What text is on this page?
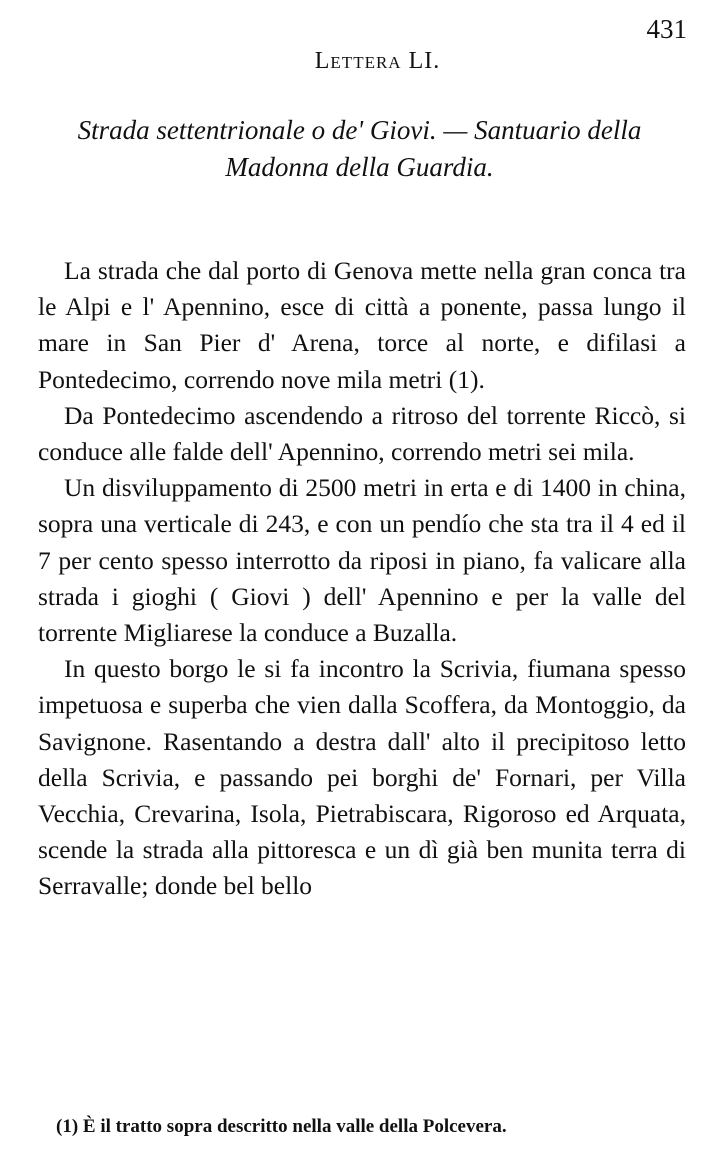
431
Lettera LI.
Strada settentrionale o de' Giovi. — Santuario della Madonna della Guardia.

La strada che dal porto di Genova mette nella gran conca tra le Alpi e l' Apennino, esce di città a ponente, passa lungo il mare in San Pier d' Arena, torce al norte, e difilasi a Pontedecimo, correndo nove mila metri (1).

Da Pontedecimo ascendendo a ritroso del torrente Riccò, si conduce alle falde dell' Apennino, correndo metri sei mila.

Un disviluppamento di 2500 metri in erta e di 1400 in china, sopra una verticale di 243, e con un pendío che sta tra il 4 ed il 7 per cento spesso interrotto da riposi in piano, fa valicare alla strada i gioghi ( Giovi ) dell' Apennino e per la valle del torrente Migliarese la conduce a Buzalla.

In questo borgo le si fa incontro la Scrivia, fiumana spesso impetuosa e superba che vien dalla Scoffera, da Montoggio, da Savignone. Rasentando a destra dall' alto il precipitoso letto della Scrivia, e passando pei borghi de' Fornari, per Villa Vecchia, Crevarina, Isola, Pietrabiscara, Rigoroso ed Arquata, scende la strada alla pittoresca e un dì già ben munita terra di Serravalle; donde bel bello

(1) È il tratto sopra descritto nella valle della Polcevera.
